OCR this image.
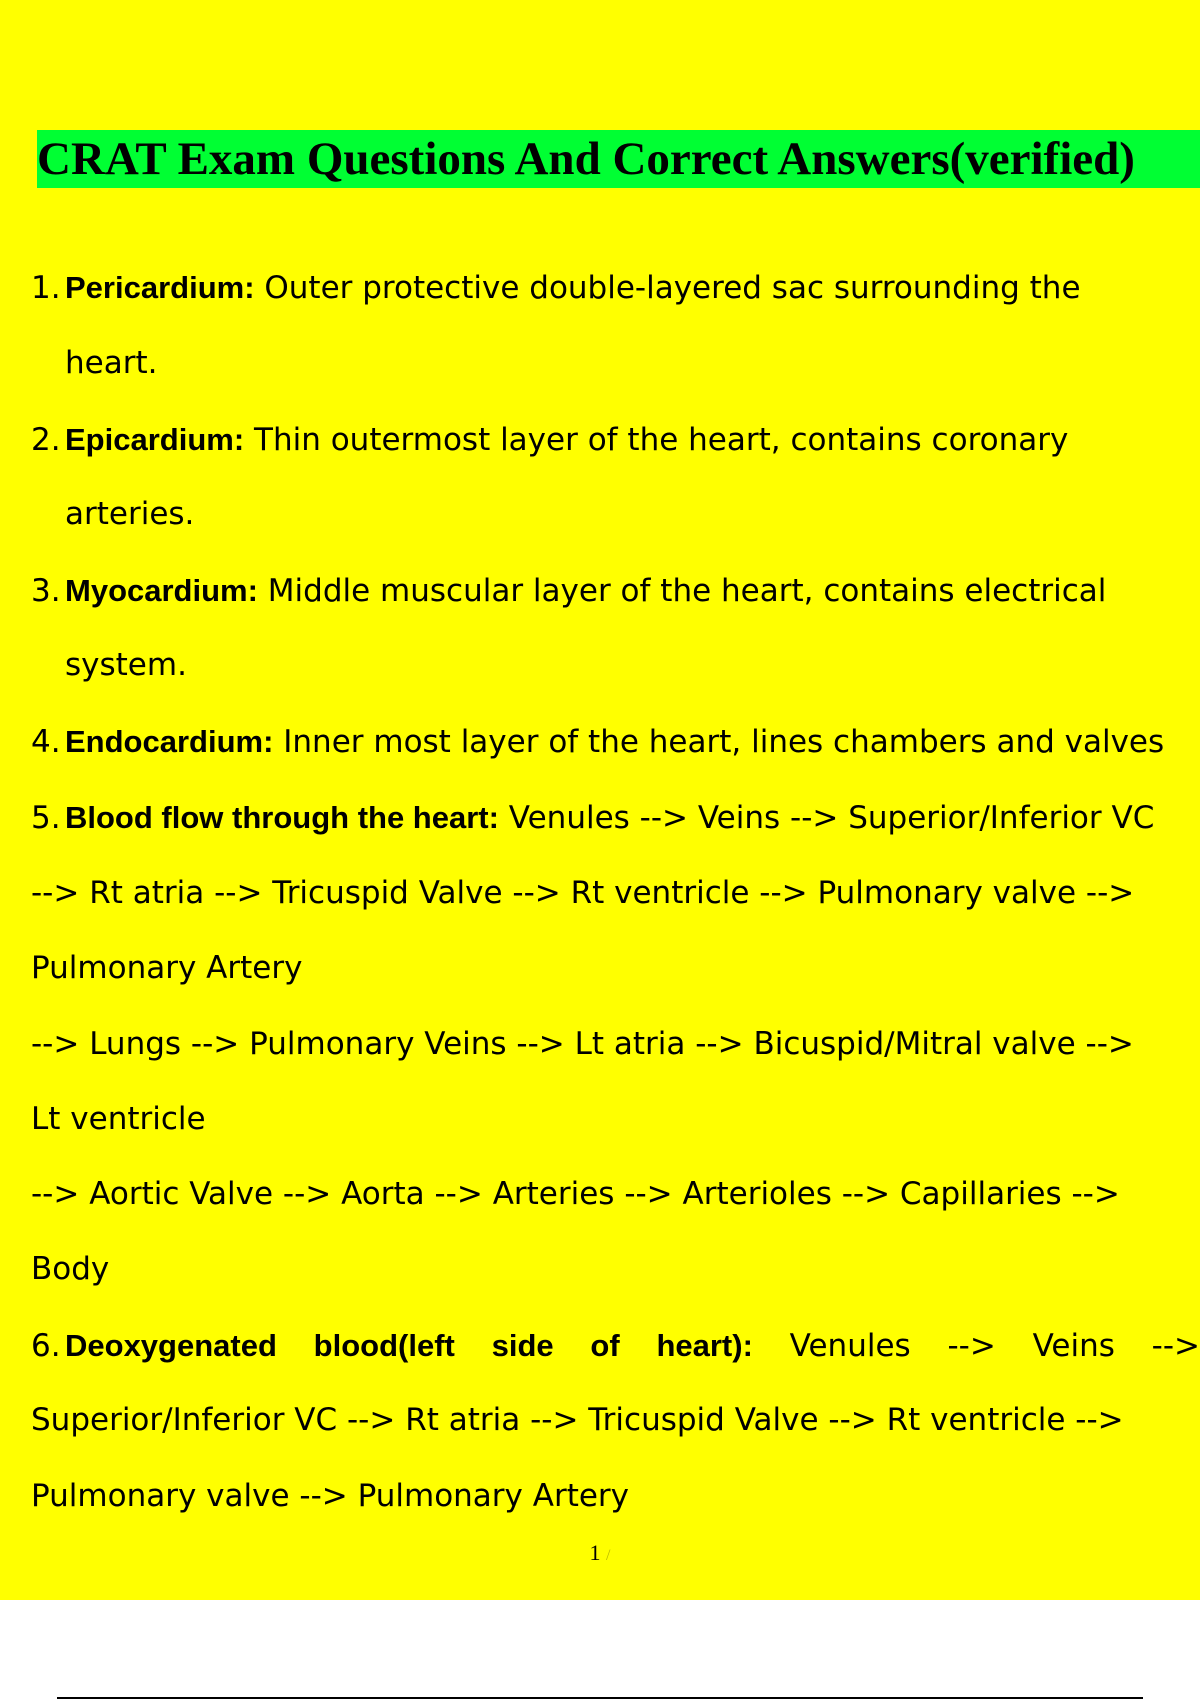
CRAT Exam Questions And Correct Answers(verified)
1. Pericardium: Outer protective double-layered sac surrounding the
heart.
2. Epicardium: Thin outermost layer of the heart, contains coronary
arteries.
3. Myocardium: Middle muscular layer of the heart, contains electrical
system.
4. Endocardium: Inner most layer of the heart, lines chambers and valves
5. Blood flow through the heart: Venules --> Veins --> Superior/Inferior VC
--> Rt atria --> Tricuspid Valve --> Rt ventricle --> Pulmonary valve -->
Pulmonary Artery
--> Lungs --> Pulmonary Veins --> Lt atria --> Bicuspid/Mitral valve -->
Lt ventricle
--> Aortic Valve --> Aorta --> Arteries --> Arterioles --> Capillaries -->
Body
6. Deoxygenated blood(left side of heart): Venules --> Veins -->
Superior/Inferior VC --> Rt atria --> Tricuspid Valve --> Rt ventricle -->
Pulmonary valve --> Pulmonary Artery
1 /
